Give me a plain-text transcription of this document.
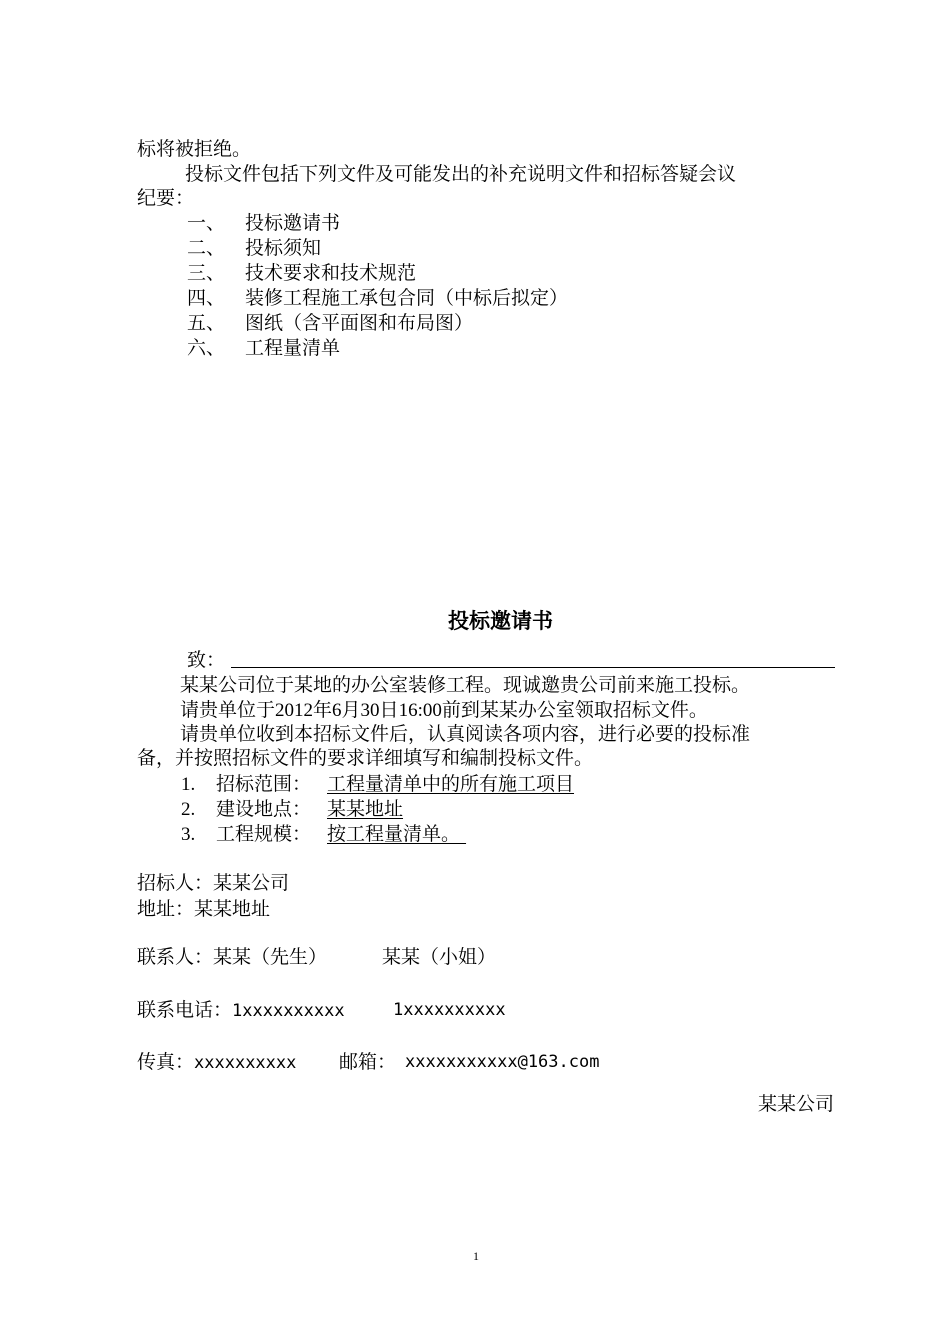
标将被拒绝。
投标文件包括下列文件及可能发出的补充说明文件和招标答疑会议
纪要：
一、 投标邀请书
二、 投标须知
三、 技术要求和技术规范
四、 装修工程施工承包合同（中标后拟定）
五、 图纸（含平面图和布局图）
六、 工程量清单
投标邀请书
致：
某某公司位于某地的办公室装修工程。现诚邀贵公司前来施工投标。
请贵单位于2012年6月30日16:00前到某某办公室领取招标文件。
请贵单位收到本招标文件后，认真阅读各项内容，进行必要的投标准
备，并按照招标文件的要求详细填写和编制投标文件。
1. 招标范围： 工程量清单中的所有施工项目
2. 建设地点： 某某地址
3. 工程规模： 按工程量清单。
招标人：某某公司
地址：某某地址
联系人：某某（先生）	某某（小姐）
联系电话：1xxxxxxxxxx	1xxxxxxxxxx
传真：xxxxxxxxxx 邮箱： xxxxxxxxxxx@163.com
某某公司
1
